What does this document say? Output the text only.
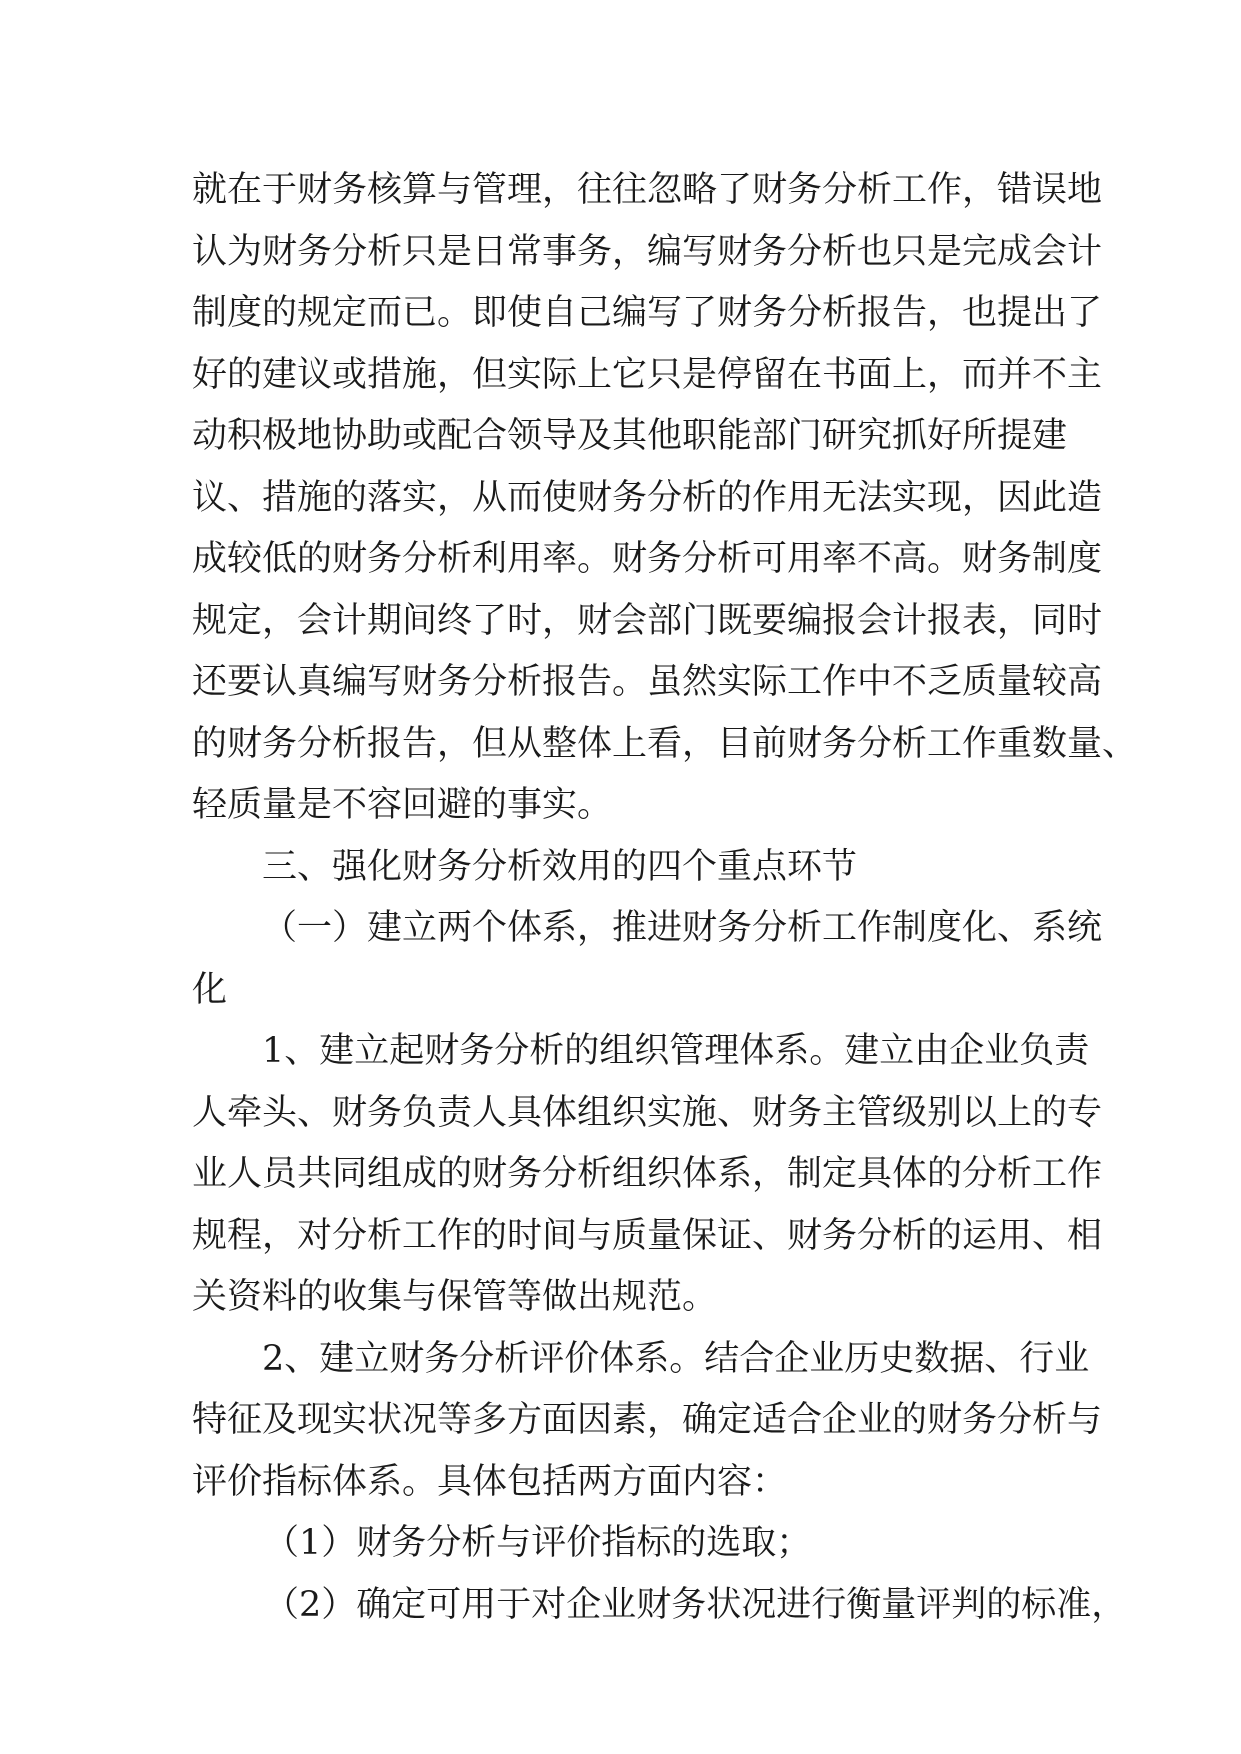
就在于财务核算与管理，往往忽略了财务分析工作，错误地
认为财务分析只是日常事务，编写财务分析也只是完成会计
制度的规定而已。即使自己编写了财务分析报告，也提出了
好的建议或措施，但实际上它只是停留在书面上，而并不主
动积极地协助或配合领导及其他职能部门研究抓好所提建
议、措施的落实，从而使财务分析的作用无法实现，因此造
成较低的财务分析利用率。财务分析可用率不高。财务制度
规定，会计期间终了时，财会部门既要编报会计报表，同时
还要认真编写财务分析报告。虽然实际工作中不乏质量较高
的财务分析报告，但从整体上看，目前财务分析工作重数量、
轻质量是不容回避的事实。
三、强化财务分析效用的四个重点环节
（一）建立两个体系，推进财务分析工作制度化、系统
化
1、建立起财务分析的组织管理体系。建立由企业负责
人牵头、财务负责人具体组织实施、财务主管级别以上的专
业人员共同组成的财务分析组织体系，制定具体的分析工作
规程，对分析工作的时间与质量保证、财务分析的运用、相
关资料的收集与保管等做出规范。
2、建立财务分析评价体系。结合企业历史数据、行业
特征及现实状况等多方面因素，确定适合企业的财务分析与
评价指标体系。具体包括两方面内容：
（1）财务分析与评价指标的选取；
（2）确定可用于对企业财务状况进行衡量评判的标准，
